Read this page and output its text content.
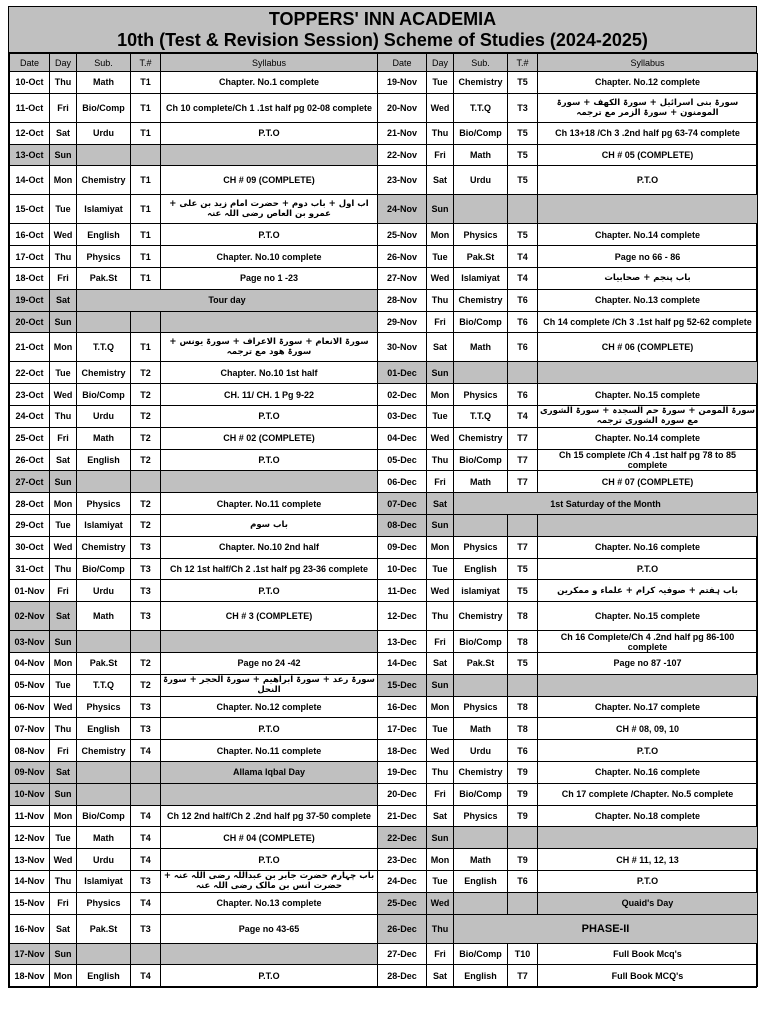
TOPPERS' INN ACADEMIA
10th (Test & Revision Session) Scheme of Studies (2024-2025)
Date	Day	Sub.	T.#	Syllabus	Date	Day	Sub.	T.#	Syllabus
10-Oct	Thu	Math	T1	Chapter. No.1 complete	19-Nov	Tue	Chemistry	T5	Chapter. No.12 complete
11-Oct	Fri	Bio/Comp	T1	Ch 10 complete/Ch 1 .1st half pg 02-08 complete	20-Nov	Wed	T.T.Q	T3	سورۃ بنی اسرائیل + سورۃ الکھف + سورۃ المومنون + سورۃ الزمر مع ترجمہ
12-Oct	Sat	Urdu	T1	P.T.O	21-Nov	Thu	Bio/Comp	T5	Ch 13+18 /Ch 3 .2nd half pg 63-74 complete
13-Oct	Sun				22-Nov	Fri	Math	T5	CH # 05 (COMPLETE)
14-Oct	Mon	Chemistry	T1	CH # 09 (COMPLETE)	23-Nov	Sat	Urdu	T5	P.T.O
15-Oct	Tue	Islamiyat	T1	اب اول + باب دوم + حضرت امام زید بن علی + عمرو بن العاص رضی اللہ عنہ	24-Nov	Sun			
16-Oct	Wed	English	T1	P.T.O	25-Nov	Mon	Physics	T5	Chapter. No.14 complete
17-Oct	Thu	Physics	T1	Chapter. No.10 complete	26-Nov	Tue	Pak.St	T4	Page no 66 - 86
18-Oct	Fri	Pak.St	T1	Page no 1 -23	27-Nov	Wed	Islamiyat	T4	باب پنجم + صحابیات
19-Oct	Sat	Tour day			28-Nov	Thu	Chemistry	T6	Chapter. No.13 complete
20-Oct	Sun				29-Nov	Fri	Bio/Comp	T6	Ch 14 complete /Ch 3 .1st half pg 52-62 complete
21-Oct	Mon	T.T.Q	T1	سورۃ الانعام + سورۃ الاعراف + سورۃ یونس + سورۃ ھود مع ترجمہ	30-Nov	Sat	Math	T6	CH # 06 (COMPLETE)
22-Oct	Tue	Chemistry	T2	Chapter. No.10 1st half	01-Dec	Sun			
23-Oct	Wed	Bio/Comp	T2	CH. 11/ CH. 1 Pg 9-22	02-Dec	Mon	Physics	T6	Chapter. No.15 complete
24-Oct	Thu	Urdu	T2	P.T.O	03-Dec	Tue	T.T.Q	T4	سورۃ المومن + سورۃ حم السجدہ + سورۃ الشوری مع سورہ الشوری ترجمہ
25-Oct	Fri	Math	T2	CH # 02 (COMPLETE)	04-Dec	Wed	Chemistry	T7	Chapter. No.14 complete
26-Oct	Sat	English	T2	P.T.O	05-Dec	Thu	Bio/Comp	T7	Ch 15 complete /Ch 4 .1st half pg 78 to 85 complete
27-Oct	Sun				06-Dec	Fri	Math	T7	CH # 07 (COMPLETE)
28-Oct	Mon	Physics	T2	Chapter. No.11 complete	07-Dec	Sat	1st Saturday of the Month		
29-Oct	Tue	Islamiyat	T2	باب سوم	08-Dec	Sun			
30-Oct	Wed	Chemistry	T3	Chapter. No.10 2nd half	09-Dec	Mon	Physics	T7	Chapter. No.16 complete
31-Oct	Thu	Bio/Comp	T3	Ch 12 1st half/Ch 2 .1st half pg 23-36 complete	10-Dec	Tue	English	T5	P.T.O
01-Nov	Fri	Urdu	T3	P.T.O	11-Dec	Wed	islamiyat	T5	باب ہفتم + صوفیہ کرام + علماء و ممکرین
02-Nov	Sat	Math	T3	CH # 3 (COMPLETE)	12-Dec	Thu	Chemistry	T8	Chapter. No.15 complete
03-Nov	Sun				13-Dec	Fri	Bio/Comp	T8	Ch 16 Complete/Ch 4 .2nd half pg 86-100 complete
04-Nov	Mon	Pak.St	T2	Page no 24 -42	14-Dec	Sat	Pak.St	T5	Page no 87 -107
05-Nov	Tue	T.T.Q	T2	سورۃ رعد + سورۃ ابراھیم + سورۃ الحجر + سورۃ النحل	15-Dec	Sun			
06-Nov	Wed	Physics	T3	Chapter. No.12 complete	16-Dec	Mon	Physics	T8	Chapter. No.17 complete
07-Nov	Thu	English	T3	P.T.O	17-Dec	Tue	Math	T8	CH # 08, 09, 10
08-Nov	Fri	Chemistry	T4	Chapter. No.11 complete	18-Dec	Wed	Urdu	T6	P.T.O
09-Nov	Sat			Allama Iqbal Day	19-Dec	Thu	Chemistry	T9	Chapter. No.16 complete
10-Nov	Sun				20-Dec	Fri	Bio/Comp	T9	Ch 17 complete /Chapter. No.5 complete
11-Nov	Mon	Bio/Comp	T4	Ch 12 2nd half/Ch 2 .2nd half pg 37-50 complete	21-Dec	Sat	Physics	T9	Chapter. No.18 complete
12-Nov	Tue	Math	T4	CH # 04 (COMPLETE)	22-Dec	Sun			
13-Nov	Wed	Urdu	T4	P.T.O	23-Dec	Mon	Math	T9	CH # 11, 12, 13
14-Nov	Thu	Islamiyat	T3	باب چہارم حضرت جابر بن عبداللہ رضی اللہ عنہ + حضرت انس بن مالک رضی اللہ عنہ	24-Dec	Tue	English	T6	P.T.O
15-Nov	Fri	Physics	T4	Chapter. No.13 complete	25-Dec	Wed			Quaid's Day
16-Nov	Sat	Pak.St	T3	Page no 43-65	26-Dec	Thu	PHASE-II		
17-Nov	Sun				27-Dec	Fri	Bio/Comp	T10	Full Book Mcq's
18-Nov	Mon	English	T4	P.T.O	28-Dec	Sat	English	T7	Full Book MCQ's
